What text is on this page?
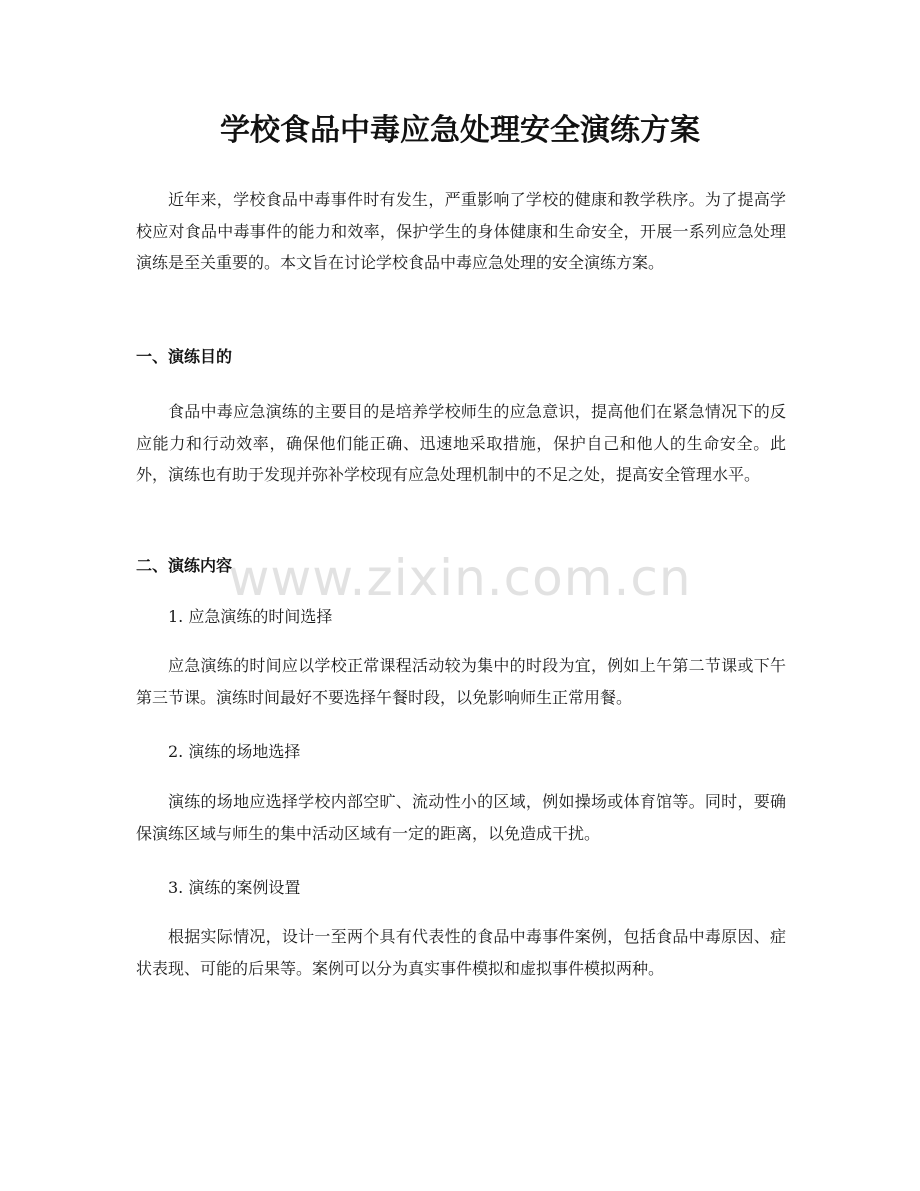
学校食品中毒应急处理安全演练方案
近年来，学校食品中毒事件时有发生，严重影响了学校的健康和教学秩序。为了提高学校应对食品中毒事件的能力和效率，保护学生的身体健康和生命安全，开展一系列应急处理演练是至关重要的。本文旨在讨论学校食品中毒应急处理的安全演练方案。
一、演练目的
食品中毒应急演练的主要目的是培养学校师生的应急意识，提高他们在紧急情况下的反应能力和行动效率，确保他们能正确、迅速地采取措施，保护自己和他人的生命安全。此外，演练也有助于发现并弥补学校现有应急处理机制中的不足之处，提高安全管理水平。
二、演练内容
1. 应急演练的时间选择
应急演练的时间应以学校正常课程活动较为集中的时段为宜，例如上午第二节课或下午第三节课。演练时间最好不要选择午餐时段，以免影响师生正常用餐。
2. 演练的场地选择
演练的场地应选择学校内部空旷、流动性小的区域，例如操场或体育馆等。同时，要确保演练区域与师生的集中活动区域有一定的距离，以免造成干扰。
3. 演练的案例设置
根据实际情况，设计一至两个具有代表性的食品中毒事件案例，包括食品中毒原因、症状表现、可能的后果等。案例可以分为真实事件模拟和虚拟事件模拟两种。
www.zixin.com.cn
